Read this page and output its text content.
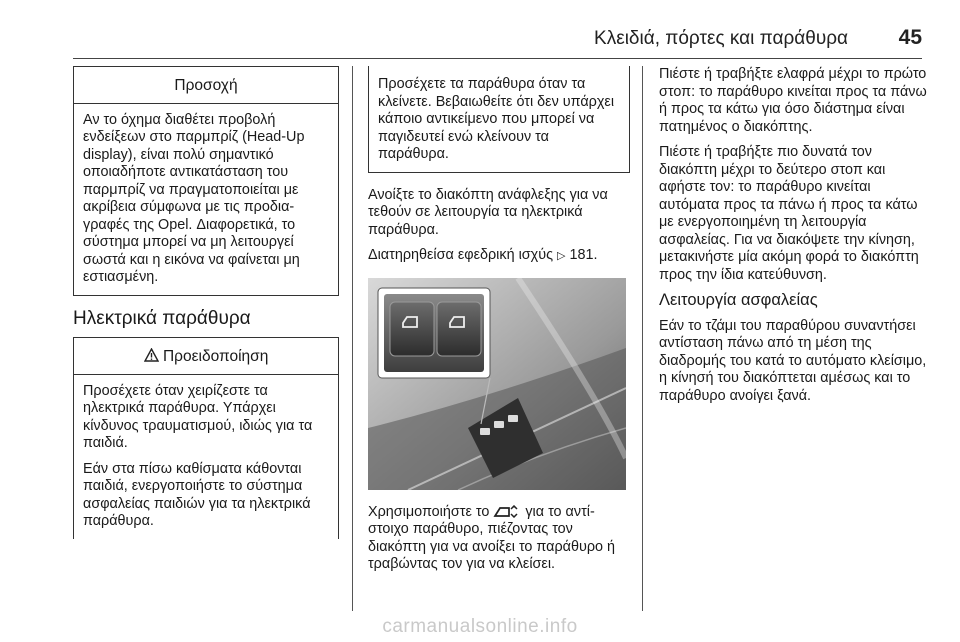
Κλειδιά, πόρτες και παράθυρα 45
Προσοχή

Αν το όχημα διαθέτει προβολή ενδείξεων στο παρμπρίζ (Head-Up display), είναι πολύ σημαντικό οποιαδήποτε αντικατάσταση του παρμπρίζ να πραγματοποιείται με ακρίβεια σύμφωνα με τις προδιαγραφές της Opel. Διαφορετικά, το σύστημα μπορεί να μη λειτουργεί σωστά και η εικόνα να φαίνεται μη εστιασμένη.

Ηλεκτρικά παράθυρα
Προειδοποίηση

Προσέχετε όταν χειρίζεστε τα ηλεκτρικά παράθυρα. Υπάρχει κίνδυνος τραυματισμού, ιδιώς για τα παιδιά.

Εάν στα πίσω καθίσματα κάθονται παιδιά, ενεργοποιήστε το σύστημα ασφαλείας παιδιών για τα ηλεκτρικά παράθυρα.

Προσέχετε τα παράθυρα όταν τα κλείνετε. Βεβαιωθείτε ότι δεν υπάρχει κάποιο αντικείμενο που μπορεί να παγιδευτεί ενώ κλείνουν τα παράθυρα.

Ανοίξτε το διακόπτη ανάφλεξης για να τεθούν σε λειτουργία τα ηλεκτρικά παράθυρα.

Διατηρηθείσα εφεδρική ισχύς ▷ 181.

Χρησιμοποιήστε το	για το αντίστοιχο παράθυρο, πιέζοντας τον διακόπτη για να ανοίξει το παράθυρο ή τραβώντας τον για να κλείσει.

Πιέστε ή τραβήξτε ελαφρά μέχρι το πρώτο στοπ: το παράθυρο κινείται προς τα πάνω ή προς τα κάτω για όσο διάστημα είναι πατημένος ο διακόπτης.

Πιέστε ή τραβήξτε πιο δυνατά τον διακόπτη μέχρι το δεύτερο στοπ και αφήστε τον: το παράθυρο κινείται αυτόματα προς τα πάνω ή προς τα κάτω με ενεργοποιημένη τη λειτουργία ασφαλείας. Για να διακόψετε την κίνηση, μετακινήστε μία ακόμη φορά το διακόπτη προς την ίδια κατεύθυνση.

Λειτουργία ασφαλείας

Εάν το τζάμι του παραθύρου συναντήσει αντίσταση πάνω από τη μέση της διαδρομής του κατά το αυτόματο κλείσιμο, η κίνησή του διακόπτεται αμέσως και το παράθυρο ανοίγει ξανά.

carmanualsonline.info
